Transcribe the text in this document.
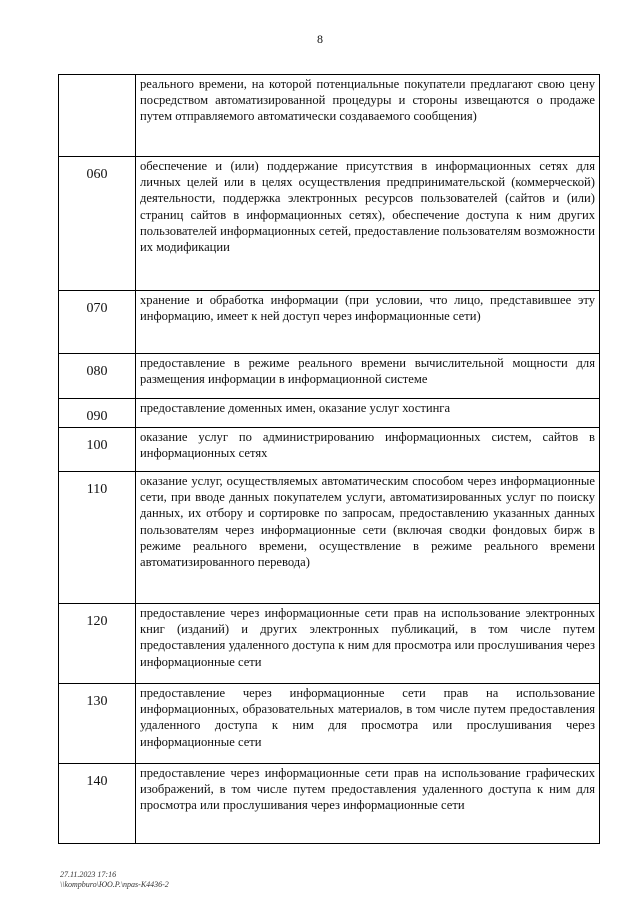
8
	реального времени, на которой потенциальные покупатели предлагают свою цену посредством автоматизированной процедуры и стороны извещаются о продаже путем отправляемого автоматически создаваемого сообщения)
060	обеспечение и (или) поддержание присутствия в информационных сетях для личных целей или в целях осуществления предпринимательской (коммерческой) деятельности, поддержка электронных ресурсов пользователей (сайтов и (или) страниц сайтов в информационных сетях), обеспечение доступа к ним других пользователей информационных сетей, предоставление пользователям возможности их модификации
070	хранение и обработка информации (при условии, что лицо, представившее эту информацию, имеет к ней доступ через информационные сети)
080	предоставление в режиме реального времени вычислительной мощности для размещения информации в информационной системе
090	предоставление доменных имен, оказание услуг хостинга
100	оказание услуг по администрированию информационных систем, сайтов в информационных сетях
110	оказание услуг, осуществляемых автоматическим способом через информационные сети, при вводе данных покупателем услуги, автоматизированных услуг по поиску данных, их отбору и сортировке по запросам, предоставлению указанных данных пользователям через информационные сети (включая сводки фондовых бирж в режиме реального времени, осуществление в режиме реального времени автоматизированного перевода)
120	предоставление через информационные сети прав на использование электронных книг (изданий) и других электронных публикаций, в том числе путем предоставления удаленного доступа к ним для просмотра или прослушивания через информационные сети
130	предоставление через информационные сети прав на использование информационных, образовательных материалов, в том числе путем предоставления удаленного доступа к ним для просмотра или прослушивания через информационные сети
140	предоставление через информационные сети прав на использование графических изображений, в том числе путем предоставления удаленного доступа к ним для просмотра или прослушивания через информационные сети
27.11.2023 17:16
\\kompburo\ЮО.Р.\npas-К4436-2
